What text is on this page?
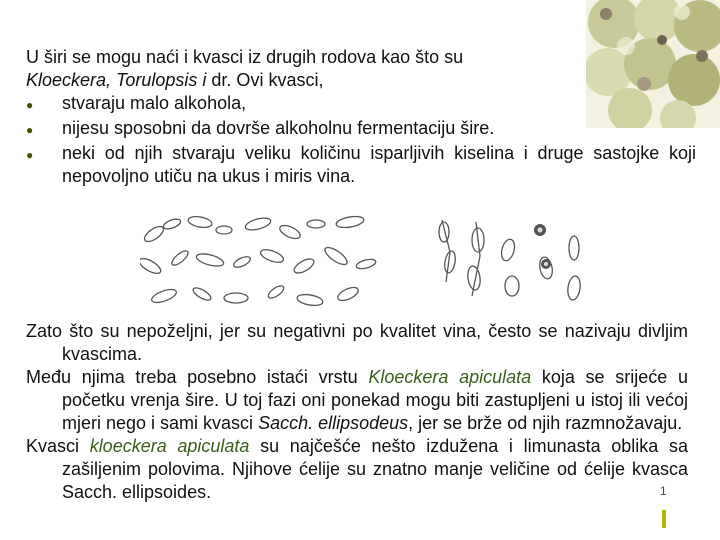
U širi se mogu naći i kvasci iz drugih rodova kao što su
Kloeckera, Torulopsis i dr. Ovi kvasci,
●	stvaraju malo alkohola,
●	nijesu sposobni da dovrše alkoholnu fermentaciju šire.
●	neki od njih stvaraju veliku količinu isparljivih kiselina i druge sastojke koji nepovoljno utiču na ukus i miris vina.
Zato što su nepoželjni, jer su negativni po kvalitet vina, često se nazivaju divljim kvascima.
Među njima treba posebno istaći vrstu Kloeckera apiculata koja se srijeće u početku vrenja šire. U toj fazi oni ponekad mogu biti zastupljeni u istoj ili većoj mjeri nego i sami kvasci Sacch. ellipsodeus, jer se brže od njih razmnožavaju.
Kvasci kloeckera apiculata su najčešće nešto izdužena i limunasta oblika sa zašiljenim polovima. Njihove ćelije su znatno manje veličine od ćelije kvasca Sacch. ellipsoides.	1
